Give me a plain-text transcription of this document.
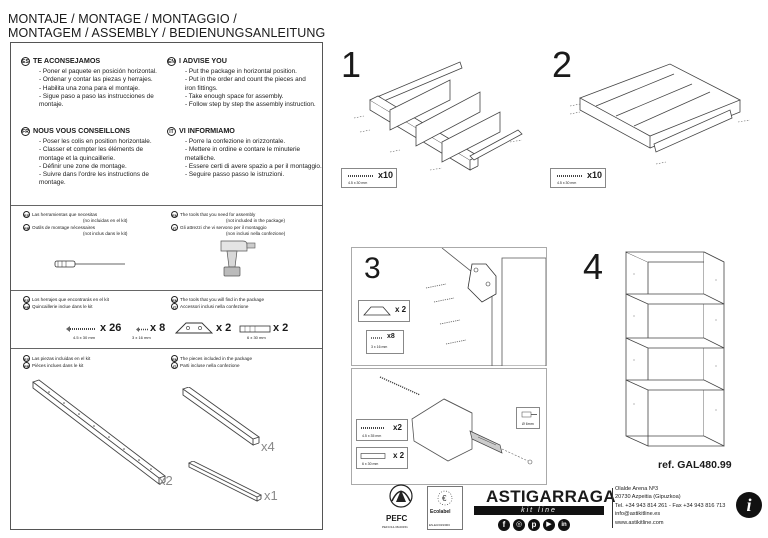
MONTAJE / MONTAGE / MONTAGGIO /
MONTAGEM / ASSEMBLY / BEDIENUNGSANLEITUNG
ES TE ACONSEJAMOS
- Poner el paquete en posición horizontal.
- Ordenar y contar las piezas y herrajes.
- Habilita una zona para el montaje.
- Sigue paso a paso las instrucciones de
montaje.
EN I ADVISE YOU
- Put the package in horizontal position.
- Put in the order and count the pieces and
iron fittings.
- Take enough space for assembly.
- Follow step by step the assembly instruction.
FR NOUS VOUS CONSEILLONS
- Poser les colis en position horizontale.
- Classer et compter les éléments de
montage et la quincaillerie.
- Définir une zone de montage.
- Suivre dans l'ordre les instructions de
montage.
IT VI INFORMIAMO
- Porre la confezione in orizzontale.
- Mettere in ordine e contare le minuterie
metalliche.
- Essere certi di avere spazio a per il montaggio.
- Seguire passo passo le istruzioni.
ES Las herramientas que necesitas
(no incluidas en el kit)
FR Outils de montage nécessaires
(not inclus dans le kit)
EN The tools that you need for assembly
(not included in the package)
IT Gli attrezzi che vi servono per il montaggio
(non inclusi nella confezione)
ES Los herrajes que encontrarás en el kit
FR Quincaillerie inclue dans le kit
EN The tools that you will find in the package
IT Accessori inclusi nella confezione
x 26
4.5 x 30 mm
x 8
3 x 16 mm
x 2	x 2
6 x 30 mm
ES Las piezas incluidas en el kit
FR Pièces inclues dans le kit
EN The pieces included in the package
IT Parti incluse nella confezione
x2
x4
x1
1
x10
4.5 x 30 mm
2
x10
4.5 x 30 mm
3
x 2
x8
3 x 16 mm
Ø 6mm
x2
4.5 x 35 mm
x 2
6 x 30 mm
4
ref. GAL480.99
PEFC
PEFC/14-38-00151
€
Ecolabel
ES-EU/019/003
ASTIGARRAGA
kit line
f	◎	p	▶	in
Olalde Arena Nº3
20730 Azpeitia (Gipuzkoa)
Tel. +34 943 814 261 - Fax +34 943 816 713
info@astikitline.es
www.astikitline.com
i
